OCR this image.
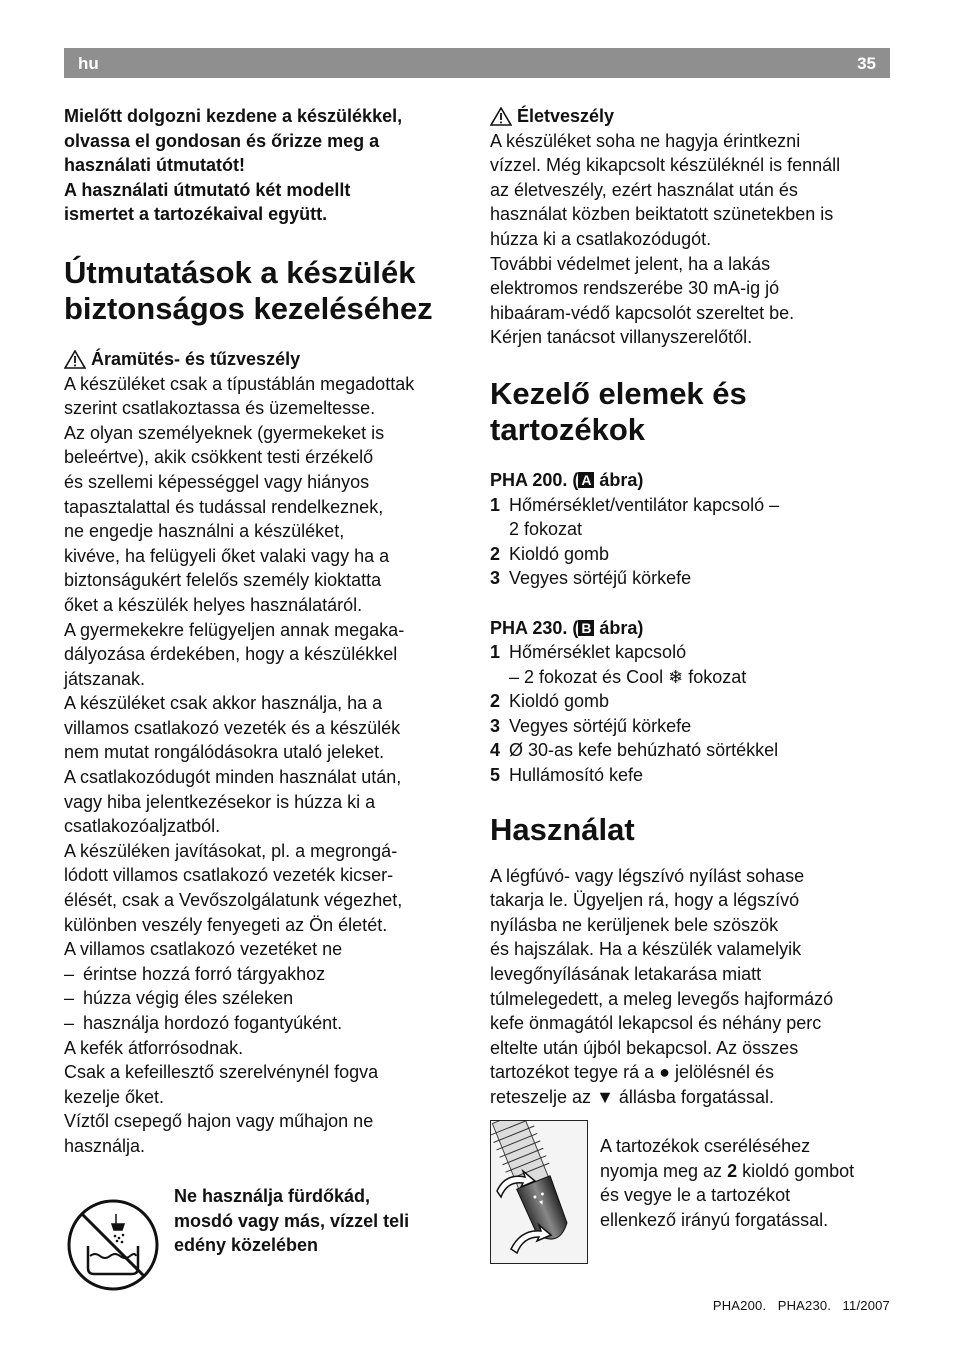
hu	35
Mielőtt dolgozni kezdene a készülékkel,
olvassa el gondosan és őrizze meg a
használati útmutatót!
A használati útmutató két modellt
ismertet a tartozékaival együtt.
Útmutatások a készülék
biztonságos kezeléséhez
Áramütés- és tűzveszély
A készüléket csak a típustáblán megadottak
szerint csatlakoztassa és üzemeltesse.
Az olyan személyeknek (gyermekeket is
beleértve), akik csökkent testi érzékelő
és szellemi képességgel vagy hiányos
tapasztalattal és tudással rendelkeznek,
ne engedje használni a készüléket,
kivéve, ha felügyeli őket valaki vagy ha a
biztonságukért felelős személy kioktatta
őket a készülék helyes használatáról.
A gyermekekre felügyeljen annak megaka-
dályozása érdekében, hogy a készülékkel
játszanak.
A készüléket csak akkor használja, ha a
villamos csatlakozó vezeték és a készülék
nem mutat rongálódásokra utaló jeleket.
A csatlakozódugót minden használat után,
vagy hiba jelentkezésekor is húzza ki a
csatlakozóaljzatból.
A készüléken javításokat, pl. a megrongá-
lódott villamos csatlakozó vezeték kicser-
élését, csak a Vevőszolgálatunk végezhet,
különben veszély fenyegeti az Ön életét.
A villamos csatlakozó vezetéket ne
– érintse hozzá forró tárgyakhoz
– húzza végig éles széleken
– használja hordozó fogantyúként.
A kefék átforrósodnak.
Csak a kefeillesztő szerelvénynél fogva
kezelje őket.
Víztől csepegő hajon vagy műhajon ne
használja.
Ne használja fürdőkád,
mosdó vagy más, vízzel teli
edény közelében
Életveszély
A készüléket soha ne hagyja érintkezni
vízzel. Még kikapcsolt készüléknél is fennáll
az életveszély, ezért használat után és
használat közben beiktatott szünetekben is
húzza ki a csatlakozódugót.
További védelmet jelent, ha a lakás
elektromos rendszerébe 30 mA-ig jó
hibaáram-védő kapcsolót szereltet be.
Kérjen tanácsot villanyszerelőtől.
Kezelő elemek és
tartozékok
PHA 200. ( A ábra)
1 Hőmérséklet/ventilátor kapcsoló –
2 fokozat
2 Kioldó gomb
3 Vegyes sörtéjű körkefe
PHA 230. ( B ábra)
1 Hőmérséklet kapcsoló
– 2 fokozat és Cool ❄ fokozat
2 Kioldó gomb
3 Vegyes sörtéjű körkefe
4 Ø 30-as kefe behúzható sörtékkel
5 Hullámosító kefe
Használat
A légfúvó- vagy légszívó nyílást sohase
takarja le. Ügyeljen rá, hogy a légszívó
nyílásba ne kerüljenek bele szöszök
és hajszálak. Ha a készülék valamelyik
levegőnyílásának letakarása miatt
túlmelegedett, a meleg levegős hajformázó
kefe önmagától lekapcsol és néhány perc
eltelte után újból bekapcsol. Az összes
tartozékot tegye rá a ● jelölésnél és
reteszelje az ▼ állásba forgatással.
A tartozékok cseréléséhez
nyomja meg az 2 kioldó gombot
és vegye le a tartozékot
ellenkező irányú forgatással.
PHA200.   PHA230.   11/2007
